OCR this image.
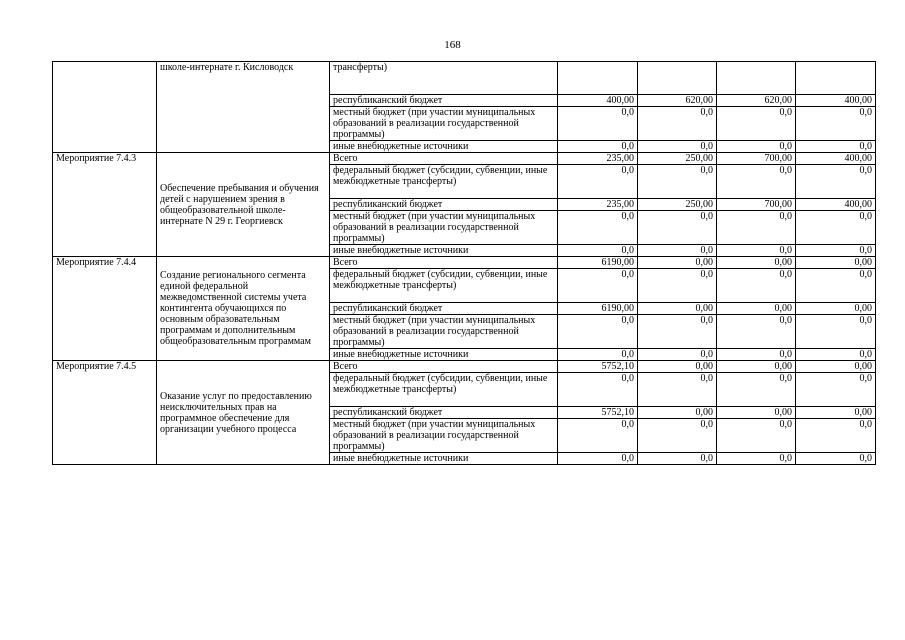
168
	школе-интернате г. Кисловодск	трансферты)				
		республиканский бюджет	400,00	620,00	620,00	400,00
		местный бюджет (при участии муниципальных образований в реализации государственной программы)	0,0	0,0	0,0	0,0
		иные внебюджетные источники	0,0	0,0	0,0	0,0
Мероприятие 7.4.3	Обеспечение пребывания и обучения детей с нарушением зрения в общеобразовательной школе-интернате N 29 г. Георгиевск	Всего	235,00	250,00	700,00	400,00
		федеральный бюджет (субсидии, субвенции, иные межбюджетные трансферты)	0,0	0,0	0,0	0,0
		республиканский бюджет	235,00	250,00	700,00	400,00
		местный бюджет (при участии муниципальных образований в реализации государственной программы)	0,0	0,0	0,0	0,0
		иные внебюджетные источники	0,0	0,0	0,0	0,0
Мероприятие 7.4.4	Создание регионального сегмента единой федеральной межведомственной системы учета контингента обучающихся по основным образовательным программам и дополнительным общеобразовательным программам	Всего	6190,00	0,00	0,00	0,00
		федеральный бюджет (субсидии, субвенции, иные межбюджетные трансферты)	0,0	0,0	0,0	0,0
		республиканский бюджет	6190,00	0,00	0,00	0,00
		местный бюджет (при участии муниципальных образований в реализации государственной программы)	0,0	0,0	0,0	0,0
		иные внебюджетные источники	0,0	0,0	0,0	0,0
Мероприятие 7.4.5	Оказание услуг по предоставлению неисключительных прав на программное обеспечение для организации учебного процесса	Всего	5752,10	0,00	0,00	0,00
		федеральный бюджет (субсидии, субвенции, иные межбюджетные трансферты)	0,0	0,0	0,0	0,0
		республиканский бюджет	5752,10	0,00	0,00	0,00
		местный бюджет (при участии муниципальных образований в реализации государственной программы)	0,0	0,0	0,0	0,0
		иные внебюджетные источники	0,0	0,0	0,0	0,0
